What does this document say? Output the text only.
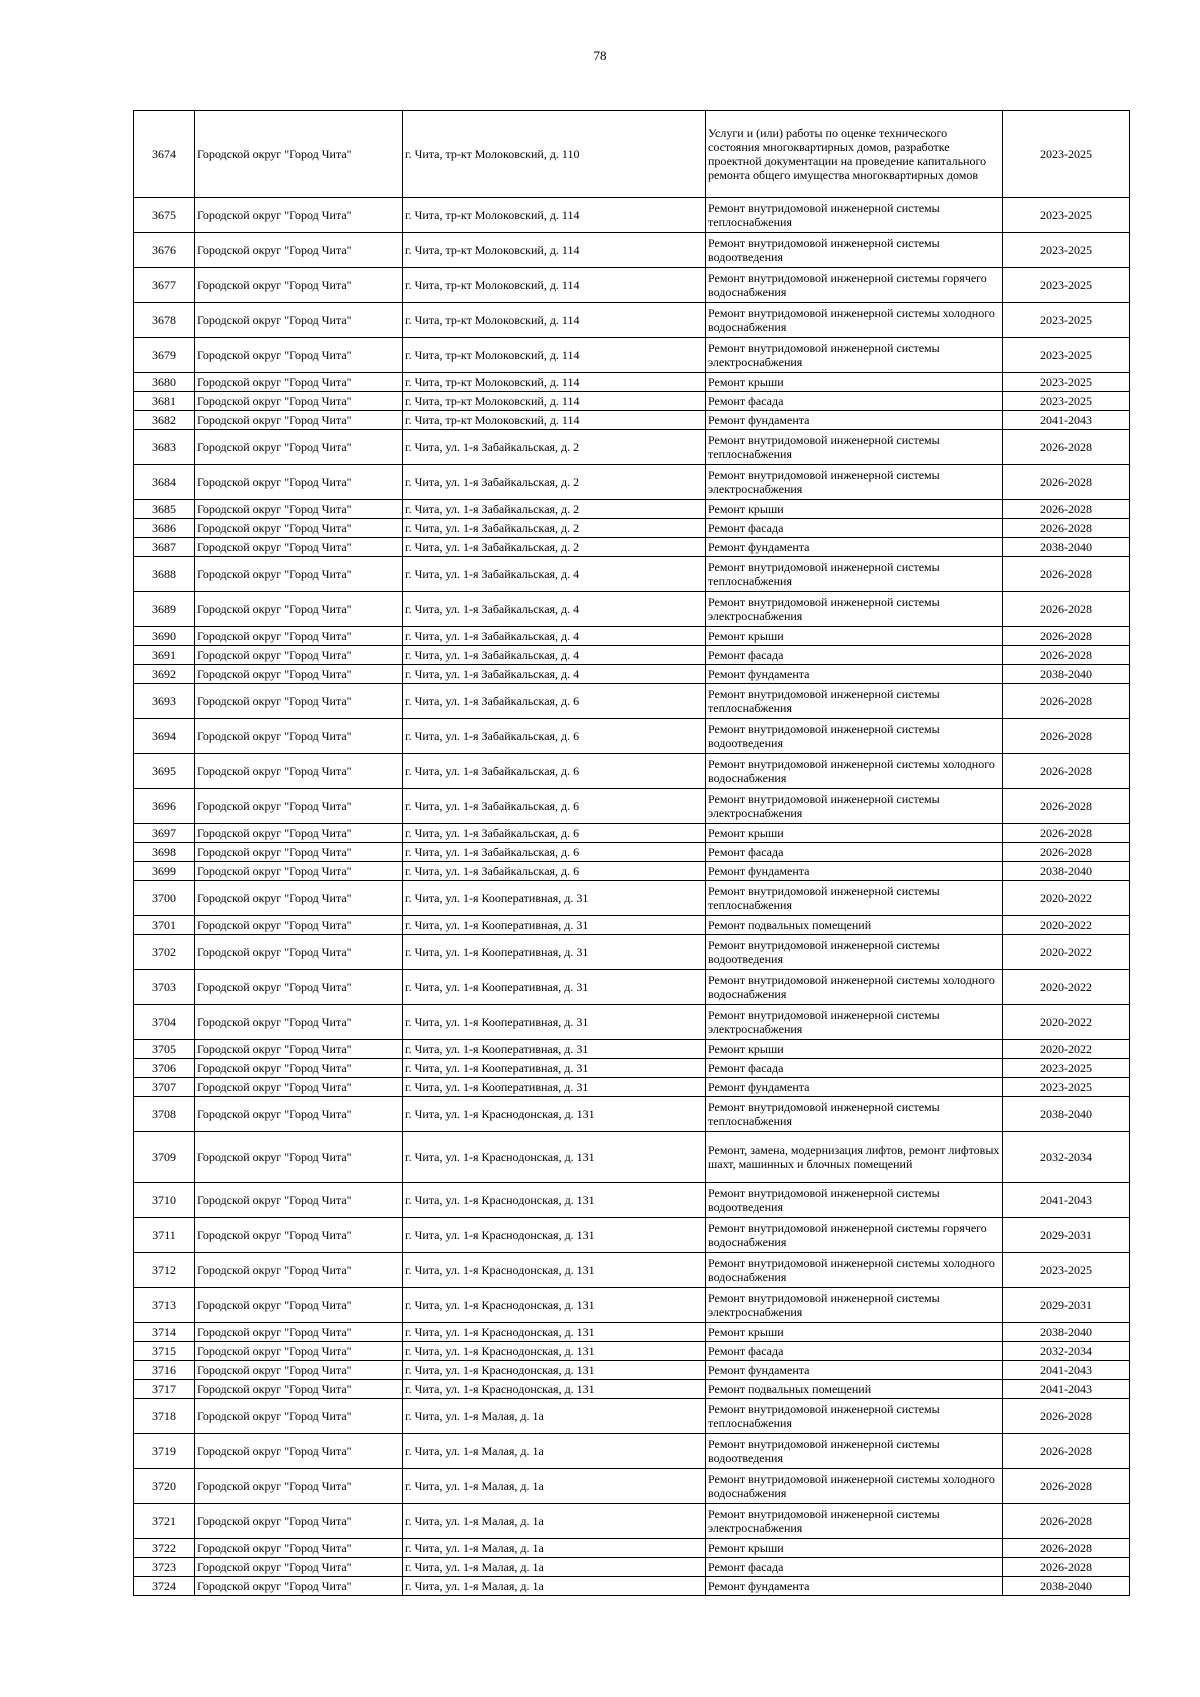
78
3674	Городской округ "Город Чита"	г. Чита, тр-кт Молоковский, д. 110	Услуги и (или) работы по оценке технического состояния многоквартирных домов, разработке проектной документации на проведение капитального ремонта общего имущества многоквартирных домов	2023-2025
3675	Городской округ "Город Чита"	г. Чита, тр-кт Молоковский, д. 114	Ремонт внутридомовой инженерной системы теплоснабжения	2023-2025
3676	Городской округ "Город Чита"	г. Чита, тр-кт Молоковский, д. 114	Ремонт внутридомовой инженерной системы водоотведения	2023-2025
3677	Городской округ "Город Чита"	г. Чита, тр-кт Молоковский, д. 114	Ремонт внутридомовой инженерной системы горячего водоснабжения	2023-2025
3678	Городской округ "Город Чита"	г. Чита, тр-кт Молоковский, д. 114	Ремонт внутридомовой инженерной системы холодного водоснабжения	2023-2025
3679	Городской округ "Город Чита"	г. Чита, тр-кт Молоковский, д. 114	Ремонт внутридомовой инженерной системы электроснабжения	2023-2025
3680	Городской округ "Город Чита"	г. Чита, тр-кт Молоковский, д. 114	Ремонт крыши	2023-2025
3681	Городской округ "Город Чита"	г. Чита, тр-кт Молоковский, д. 114	Ремонт фасада	2023-2025
3682	Городской округ "Город Чита"	г. Чита, тр-кт Молоковский, д. 114	Ремонт фундамента	2041-2043
3683	Городской округ "Город Чита"	г. Чита, ул. 1-я Забайкальская, д. 2	Ремонт внутридомовой инженерной системы теплоснабжения	2026-2028
3684	Городской округ "Город Чита"	г. Чита, ул. 1-я Забайкальская, д. 2	Ремонт внутридомовой инженерной системы электроснабжения	2026-2028
3685	Городской округ "Город Чита"	г. Чита, ул. 1-я Забайкальская, д. 2	Ремонт крыши	2026-2028
3686	Городской округ "Город Чита"	г. Чита, ул. 1-я Забайкальская, д. 2	Ремонт фасада	2026-2028
3687	Городской округ "Город Чита"	г. Чита, ул. 1-я Забайкальская, д. 2	Ремонт фундамента	2038-2040
3688	Городской округ "Город Чита"	г. Чита, ул. 1-я Забайкальская, д. 4	Ремонт внутридомовой инженерной системы теплоснабжения	2026-2028
3689	Городской округ "Город Чита"	г. Чита, ул. 1-я Забайкальская, д. 4	Ремонт внутридомовой инженерной системы электроснабжения	2026-2028
3690	Городской округ "Город Чита"	г. Чита, ул. 1-я Забайкальская, д. 4	Ремонт крыши	2026-2028
3691	Городской округ "Город Чита"	г. Чита, ул. 1-я Забайкальская, д. 4	Ремонт фасада	2026-2028
3692	Городской округ "Город Чита"	г. Чита, ул. 1-я Забайкальская, д. 4	Ремонт фундамента	2038-2040
3693	Городской округ "Город Чита"	г. Чита, ул. 1-я Забайкальская, д. 6	Ремонт внутридомовой инженерной системы теплоснабжения	2026-2028
3694	Городской округ "Город Чита"	г. Чита, ул. 1-я Забайкальская, д. 6	Ремонт внутридомовой инженерной системы водоотведения	2026-2028
3695	Городской округ "Город Чита"	г. Чита, ул. 1-я Забайкальская, д. 6	Ремонт внутридомовой инженерной системы холодного водоснабжения	2026-2028
3696	Городской округ "Город Чита"	г. Чита, ул. 1-я Забайкальская, д. 6	Ремонт внутридомовой инженерной системы электроснабжения	2026-2028
3697	Городской округ "Город Чита"	г. Чита, ул. 1-я Забайкальская, д. 6	Ремонт крыши	2026-2028
3698	Городской округ "Город Чита"	г. Чита, ул. 1-я Забайкальская, д. 6	Ремонт фасада	2026-2028
3699	Городской округ "Город Чита"	г. Чита, ул. 1-я Забайкальская, д. 6	Ремонт фундамента	2038-2040
3700	Городской округ "Город Чита"	г. Чита, ул. 1-я Кооперативная, д. 31	Ремонт внутридомовой инженерной системы теплоснабжения	2020-2022
3701	Городской округ "Город Чита"	г. Чита, ул. 1-я Кооперативная, д. 31	Ремонт подвальных помещений	2020-2022
3702	Городской округ "Город Чита"	г. Чита, ул. 1-я Кооперативная, д. 31	Ремонт внутридомовой инженерной системы водоотведения	2020-2022
3703	Городской округ "Город Чита"	г. Чита, ул. 1-я Кооперативная, д. 31	Ремонт внутридомовой инженерной системы холодного водоснабжения	2020-2022
3704	Городской округ "Город Чита"	г. Чита, ул. 1-я Кооперативная, д. 31	Ремонт внутридомовой инженерной системы электроснабжения	2020-2022
3705	Городской округ "Город Чита"	г. Чита, ул. 1-я Кооперативная, д. 31	Ремонт крыши	2020-2022
3706	Городской округ "Город Чита"	г. Чита, ул. 1-я Кооперативная, д. 31	Ремонт фасада	2023-2025
3707	Городской округ "Город Чита"	г. Чита, ул. 1-я Кооперативная, д. 31	Ремонт фундамента	2023-2025
3708	Городской округ "Город Чита"	г. Чита, ул. 1-я Краснодонская, д. 131	Ремонт внутридомовой инженерной системы теплоснабжения	2038-2040
3709	Городской округ "Город Чита"	г. Чита, ул. 1-я Краснодонская, д. 131	Ремонт, замена, модернизация лифтов, ремонт лифтовых шахт, машинных и блочных помещений	2032-2034
3710	Городской округ "Город Чита"	г. Чита, ул. 1-я Краснодонская, д. 131	Ремонт внутридомовой инженерной системы водоотведения	2041-2043
3711	Городской округ "Город Чита"	г. Чита, ул. 1-я Краснодонская, д. 131	Ремонт внутридомовой инженерной системы горячего водоснабжения	2029-2031
3712	Городской округ "Город Чита"	г. Чита, ул. 1-я Краснодонская, д. 131	Ремонт внутридомовой инженерной системы холодного водоснабжения	2023-2025
3713	Городской округ "Город Чита"	г. Чита, ул. 1-я Краснодонская, д. 131	Ремонт внутридомовой инженерной системы электроснабжения	2029-2031
3714	Городской округ "Город Чита"	г. Чита, ул. 1-я Краснодонская, д. 131	Ремонт крыши	2038-2040
3715	Городской округ "Город Чита"	г. Чита, ул. 1-я Краснодонская, д. 131	Ремонт фасада	2032-2034
3716	Городской округ "Город Чита"	г. Чита, ул. 1-я Краснодонская, д. 131	Ремонт фундамента	2041-2043
3717	Городской округ "Город Чита"	г. Чита, ул. 1-я Краснодонская, д. 131	Ремонт подвальных помещений	2041-2043
3718	Городской округ "Город Чита"	г. Чита, ул. 1-я Малая, д. 1а	Ремонт внутридомовой инженерной системы теплоснабжения	2026-2028
3719	Городской округ "Город Чита"	г. Чита, ул. 1-я Малая, д. 1а	Ремонт внутридомовой инженерной системы водоотведения	2026-2028
3720	Городской округ "Город Чита"	г. Чита, ул. 1-я Малая, д. 1а	Ремонт внутридомовой инженерной системы холодного водоснабжения	2026-2028
3721	Городской округ "Город Чита"	г. Чита, ул. 1-я Малая, д. 1а	Ремонт внутридомовой инженерной системы электроснабжения	2026-2028
3722	Городской округ "Город Чита"	г. Чита, ул. 1-я Малая, д. 1а	Ремонт крыши	2026-2028
3723	Городской округ "Город Чита"	г. Чита, ул. 1-я Малая, д. 1а	Ремонт фасада	2026-2028
3724	Городской округ "Город Чита"	г. Чита, ул. 1-я Малая, д. 1а	Ремонт фундамента	2038-2040
